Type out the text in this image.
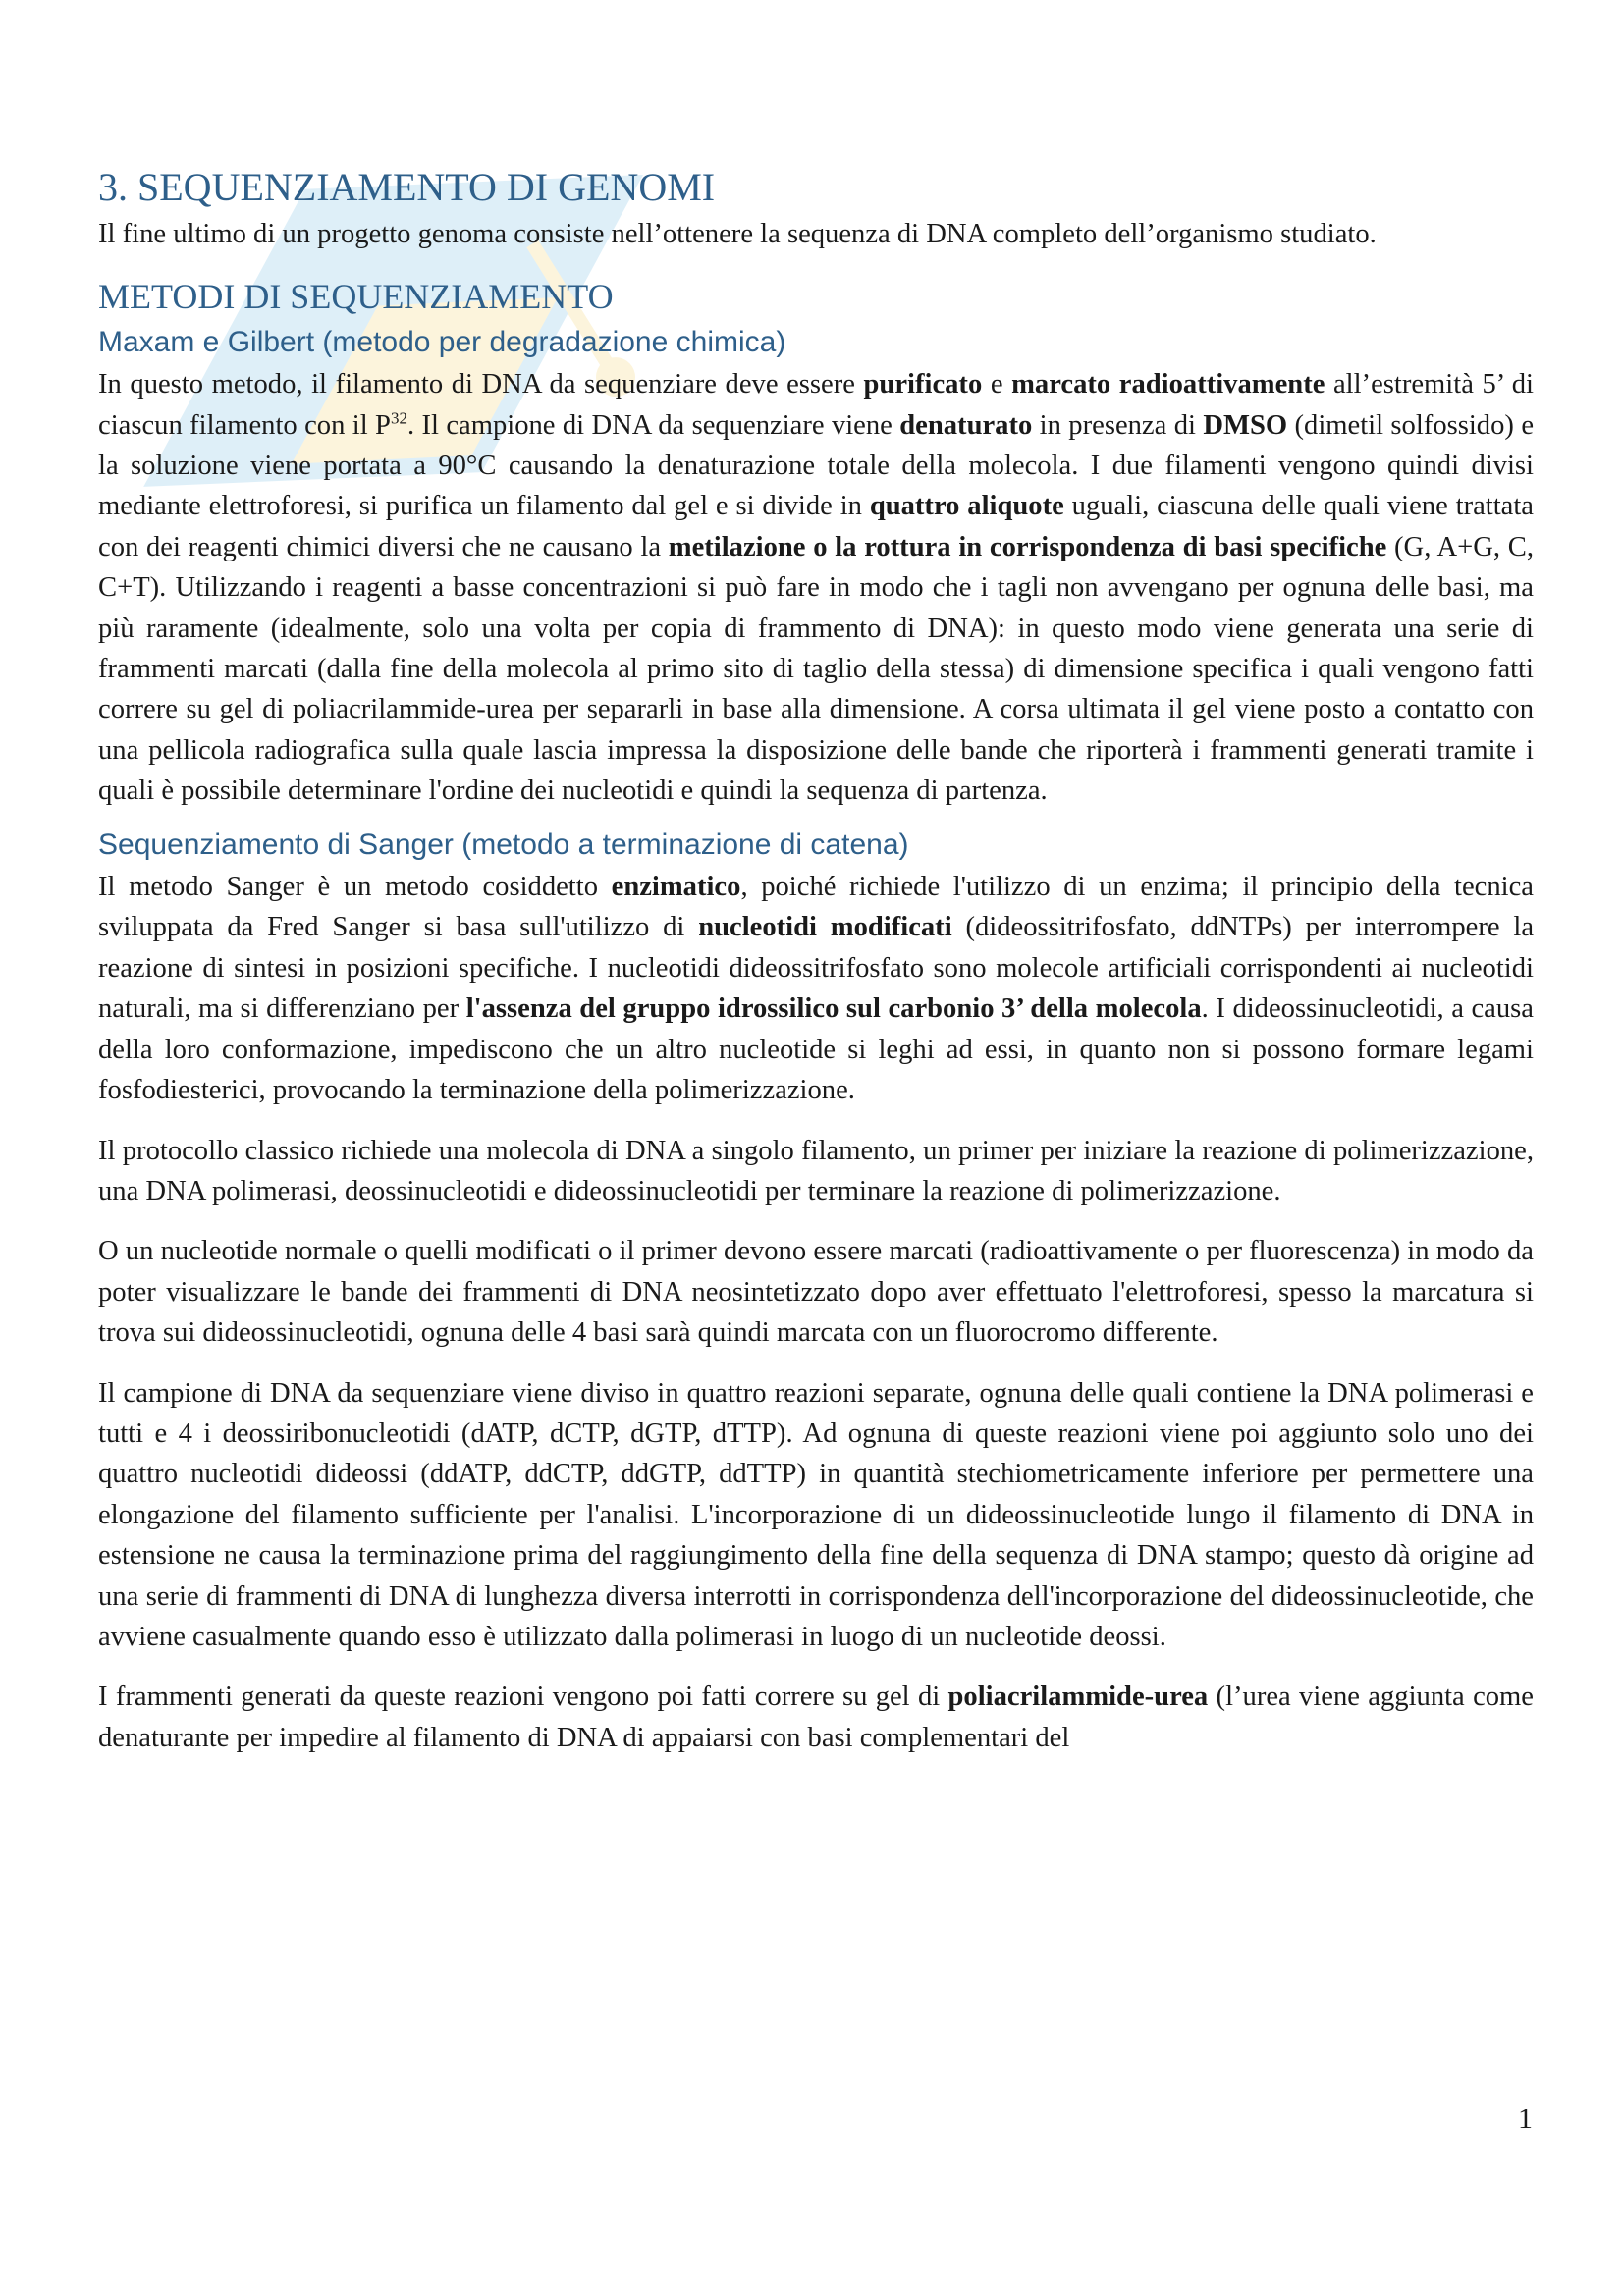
3. SEQUENZIAMENTO DI GENOMI

Il fine ultimo di un progetto genoma consiste nell’ottenere la sequenza di DNA completo dell’organismo studiato.

METODI DI SEQUENZIAMENTO
Maxam e Gilbert (metodo per degradazione chimica)

In questo metodo, il filamento di DNA da sequenziare deve essere purificato e marcato radioattivamente all’estremità 5’ di ciascun filamento con il $P^{32}$. Il campione di DNA da sequenziare viene denaturato in presenza di DMSO (dimetil solfossido) e la soluzione viene portata a 90°C causando la denaturazione totale della molecola. I due filamenti vengono quindi divisi mediante elettroforesi, si purifica un filamento dal gel e si divide in quattro aliquote uguali, ciascuna delle quali viene trattata con dei reagenti chimici diversi che ne causano la metilazione o la rottura in corrispondenza di basi specifiche (G, A+G, C, C+T). Utilizzando i reagenti a basse concentrazioni si può fare in modo che i tagli non avvengano per ognuna delle basi, ma più raramente (idealmente, solo una volta per copia di frammento di DNA): in questo modo viene generata una serie di frammenti marcati (dalla fine della molecola al primo sito di taglio della stessa) di dimensione specifica i quali vengono fatti correre su gel di poliacrilammide-urea per separarli in base alla dimensione. A corsa ultimata il gel viene posto a contatto con una pellicola radiografica sulla quale lascia impressa la disposizione delle bande che riporterà i frammenti generati tramite i quali è possibile determinare l'ordine dei nucleotidi e quindi la sequenza di partenza.

Sequenziamento di Sanger (metodo a terminazione di catena)

Il metodo Sanger è un metodo cosiddetto enzimatico, poiché richiede l'utilizzo di un enzima; il principio della tecnica sviluppata da Fred Sanger si basa sull'utilizzo di nucleotidi modificati (dideossitrifosfato, ddNTPs) per interrompere la reazione di sintesi in posizioni specifiche. I nucleotidi dideossitrifosfato sono molecole artificiali corrispondenti ai nucleotidi naturali, ma si differenziano per l'assenza del gruppo idrossilico sul carbonio 3’ della molecola. I dideossinucleotidi, a causa della loro conformazione, impediscono che un altro nucleotide si leghi ad essi, in quanto non si possono formare legami fosfodiesterici, provocando la terminazione della polimerizzazione.

Il protocollo classico richiede una molecola di DNA a singolo filamento, un primer per iniziare la reazione di polimerizzazione, una DNA polimerasi, deossinucleotidi e dideossinucleotidi per terminare la reazione di polimerizzazione.

O un nucleotide normale o quelli modificati o il primer devono essere marcati (radioattivamente o per fluorescenza) in modo da poter visualizzare le bande dei frammenti di DNA neosintetizzato dopo aver effettuato l'elettroforesi, spesso la marcatura si trova sui dideossinucleotidi, ognuna delle 4 basi sarà quindi marcata con un fluorocromo differente.

Il campione di DNA da sequenziare viene diviso in quattro reazioni separate, ognuna delle quali contiene la DNA polimerasi e tutti e 4 i deossiribonucleotidi (dATP, dCTP, dGTP, dTTP). Ad ognuna di queste reazioni viene poi aggiunto solo uno dei quattro nucleotidi dideossi (ddATP, ddCTP, ddGTP, ddTTP) in quantità stechiometricamente inferiore per permettere una elongazione del filamento sufficiente per l'analisi. L'incorporazione di un dideossinucleotide lungo il filamento di DNA in estensione ne causa la terminazione prima del raggiungimento della fine della sequenza di DNA stampo; questo dà origine ad una serie di frammenti di DNA di lunghezza diversa interrotti in corrispondenza dell'incorporazione del dideossinucleotide, che avviene casualmente quando esso è utilizzato dalla polimerasi in luogo di un nucleotide deossi.

I frammenti generati da queste reazioni vengono poi fatti correre su gel di poliacrilammide-urea (l’urea viene aggiunta come denaturante per impedire al filamento di DNA di appaiarsi con basi complementari del

1
